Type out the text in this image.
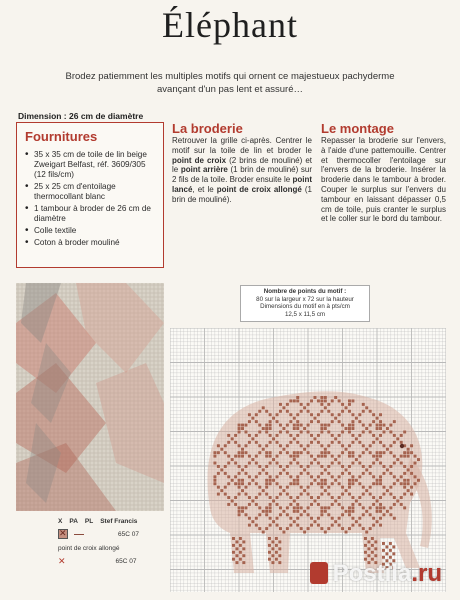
Éléphant
Brodez patiemment les multiples motifs qui ornent ce majestueux pachyderme avançant d'un pas lent et assuré…
Dimension : 26 cm de diamètre
Fournitures
• 35 x 35 cm de toile de lin beige Zweigart Belfast, réf. 3609/305 (12 fils/cm)
• 25 x 25 cm d'entoilage thermocollant blanc
• 1 tambour à broder de 26 cm de diamètre
• Colle textile
• Coton à broder mouliné
La broderie
Retrouver la grille ci-après. Centrer le motif sur la toile de lin et broder le point de croix (2 brins de mouliné) et le point arrière (1 brin de mouliné) sur 2 fils de la toile. Broder ensuite le point lancé, et le point de croix allongé (1 brin de mouliné).
Le montage
Repasser la broderie sur l'envers, à l'aide d'une pattemouille. Centrer et thermocoller l'entoilage sur l'envers de la broderie. Insérer la broderie dans le tambour à broder. Couper le surplus sur l'envers du tambour en laissant dépasser 0,5 cm de toile, puis cranter le surplus et le coller sur le bord du tambour.
X PA PL Stef Francis
✕
65C 07
point de croix allongé
✕	65C 07
Nombre de points du motif :
80 sur la largeur x 72 sur la hauteur
Dimensions du motif en à pts/cm
12,5 x 11,5 cm
Postila.ru
